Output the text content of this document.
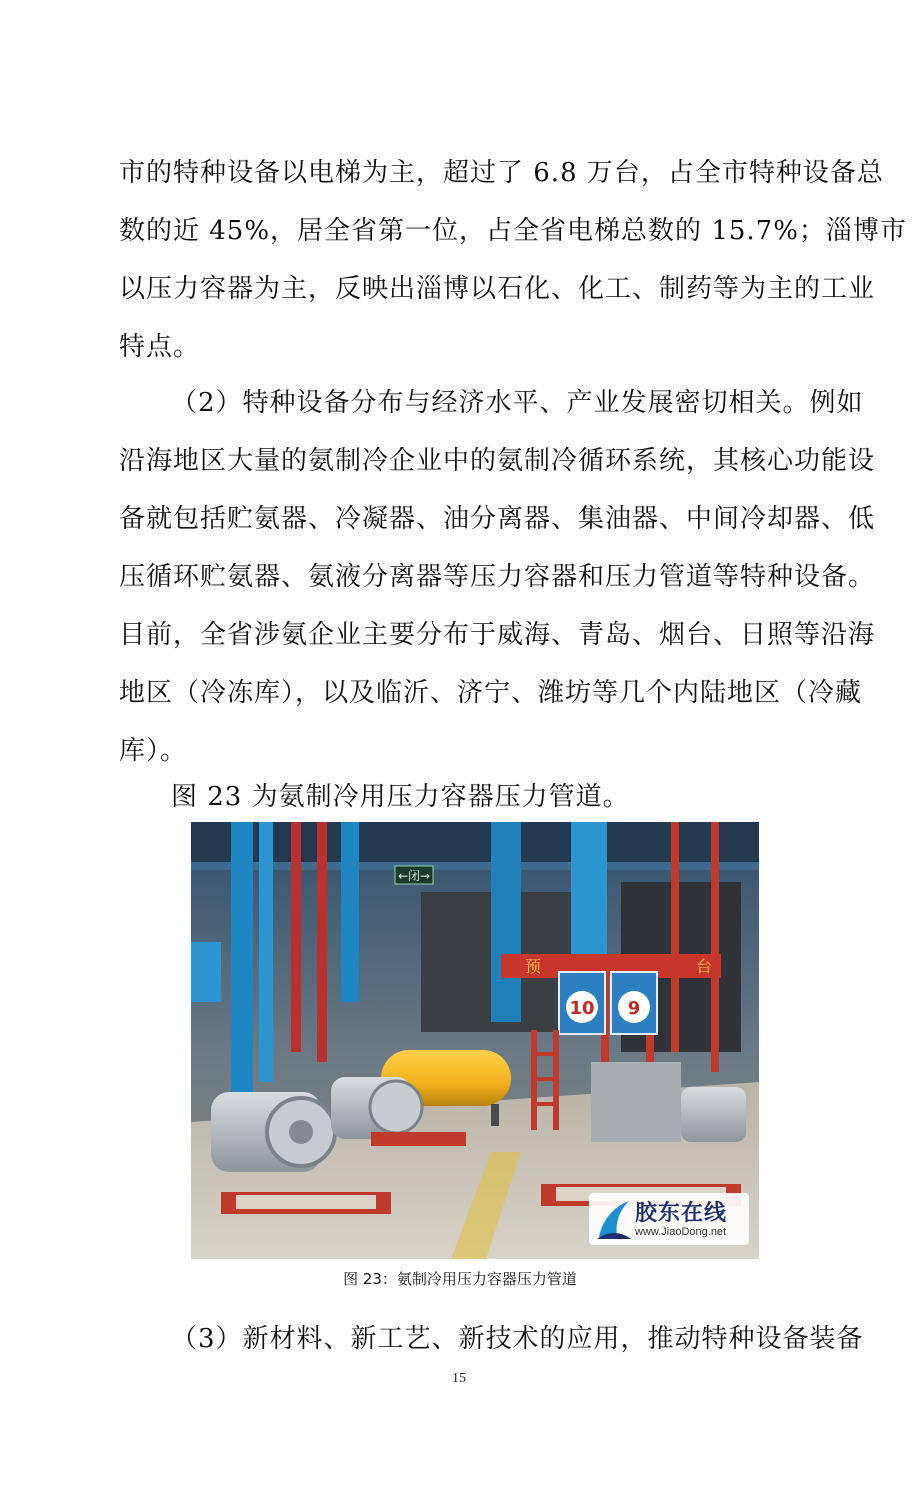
市的特种设备以电梯为主，超过了 6.8 万台，占全市特种设备总
数的近 45%，居全省第一位，占全省电梯总数的 15.7%；淄博市
以压力容器为主，反映出淄博以石化、化工、制药等为主的工业
特点。
（2）特种设备分布与经济水平、产业发展密切相关。例如
沿海地区大量的氨制冷企业中的氨制冷循环系统，其核心功能设
备就包括贮氨器、冷凝器、油分离器、集油器、中间冷却器、低
压循环贮氨器、氨液分离器等压力容器和压力管道等特种设备。
目前，全省涉氨企业主要分布于威海、青岛、烟台、日照等沿海
地区（冷冻库），以及临沂、济宁、潍坊等几个内陆地区（冷藏
库）。
图 23 为氨制冷用压力容器压力管道。
←闭→
预	台
10 9
胶东在线
www.JiaoDong.net
图 23：氨制冷用压力容器压力管道
（3）新材料、新工艺、新技术的应用，推动特种设备装备
15
